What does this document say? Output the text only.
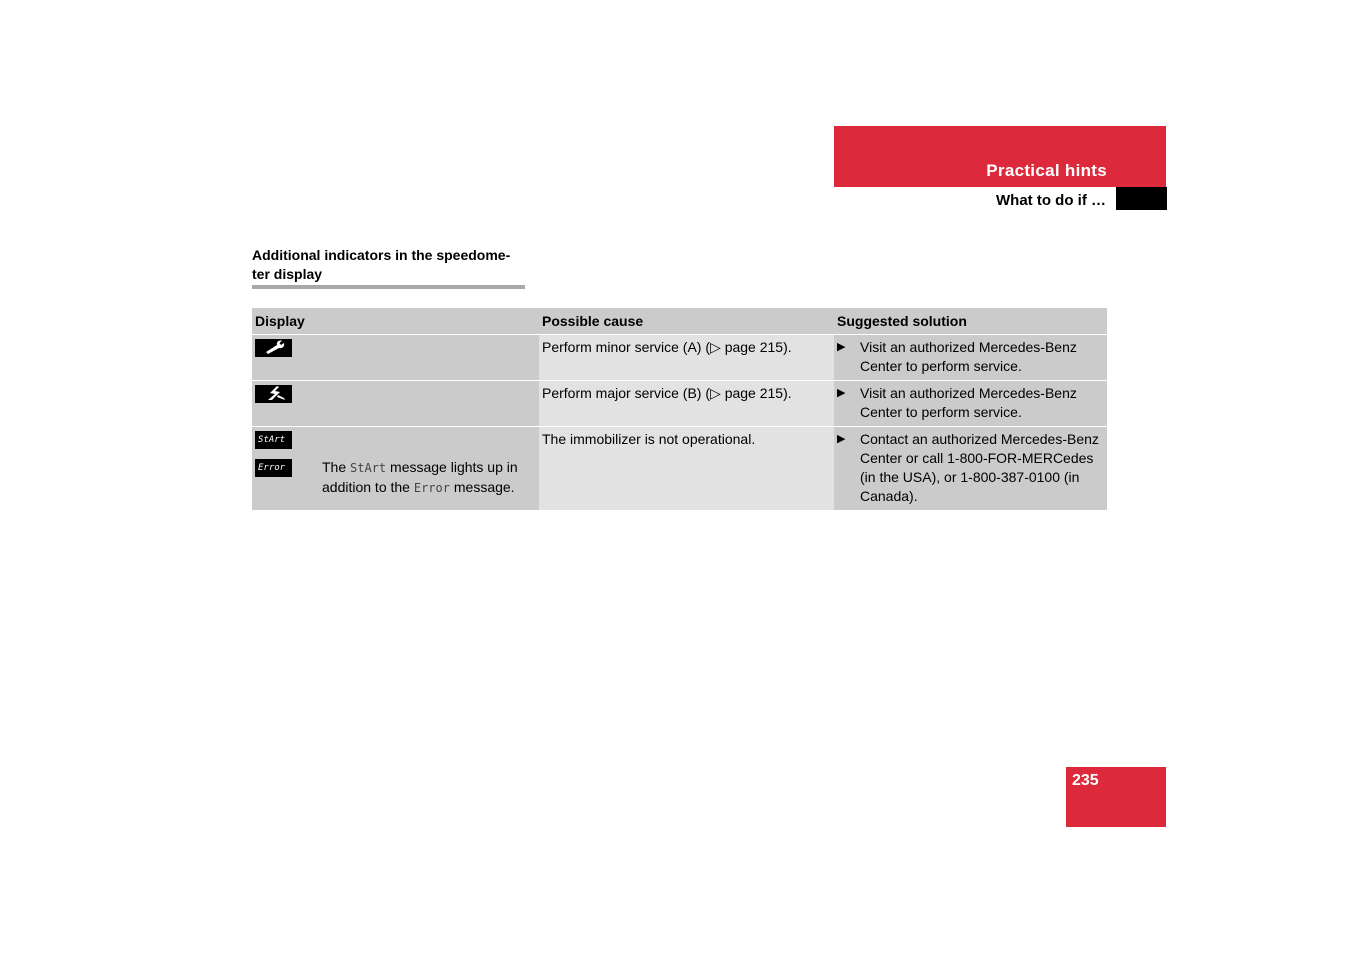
Practical hints
What to do if …
Additional indicators in the speedome-
ter display
Display	Possible cause	Suggested solution

	Perform minor service (A) (▷ page 215).	▶ Visit an authorized Mercedes-Benz Center to perform service.

	Perform major service (B) (▷ page 215).	▶ Visit an authorized Mercedes-Benz Center to perform service.

StArt
Error The StArt message lights up in addition to the Error message.	The immobilizer is not operational.	▶ Contact an authorized Mercedes-Benz Center or call 1-800-FOR-MERCedes (in the USA), or 1-800-387-0100 (in Canada).
235
